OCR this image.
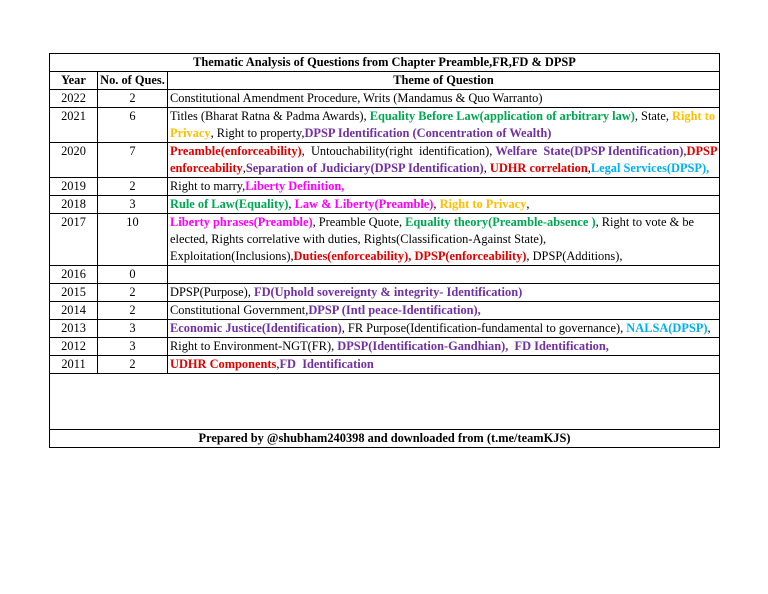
Thematic Analysis of Questions from Chapter Preamble,FR,FD & DPSP		
Year	No. of Ques.	Theme of Question
2022	2	Constitutional Amendment Procedure, Writs (Mandamus & Quo Warranto)
2021	6	Titles (Bharat Ratna & Padma Awards), Equality Before Law(application of arbitrary law), State, Right to Privacy, Right to property,DPSP Identification (Concentration of Wealth)
2020	7	Preamble(enforceability),  Untouchability(right  identification), Welfare  State(DPSP Identification),DPSP enforceability,Separation of Judiciary(DPSP Identification), UDHR correlation,Legal Services(DPSP),
2019	2	Right to marry,Liberty Definition,
2018	3	Rule of Law(Equality), Law & Liberty(Preamble), Right to Privacy,
2017	10	Liberty phrases(Preamble), Preamble Quote, Equality theory(Preamble-absence ), Right to vote & be elected, Rights correlative with duties, Rights(Classification-Against State), Exploitation(Inclusions),Duties(enforceability), DPSP(enforceability), DPSP(Additions),
2016	0	
2015	2	DPSP(Purpose), FD(Uphold sovereignty & integrity- Identification)
2014	2	Constitutional Government,DPSP (Intl peace-Identification),
2013	3	Economic Justice(Identification), FR Purpose(Identification-fundamental to governance), NALSA(DPSP),
2012	3	Right to Environment-NGT(FR), DPSP(Identification-Gandhian),  FD Identification,
2011	2	UDHR Components,FD  Identification

Prepared by @shubham240398 and downloaded from (t.me/teamKJS)		
